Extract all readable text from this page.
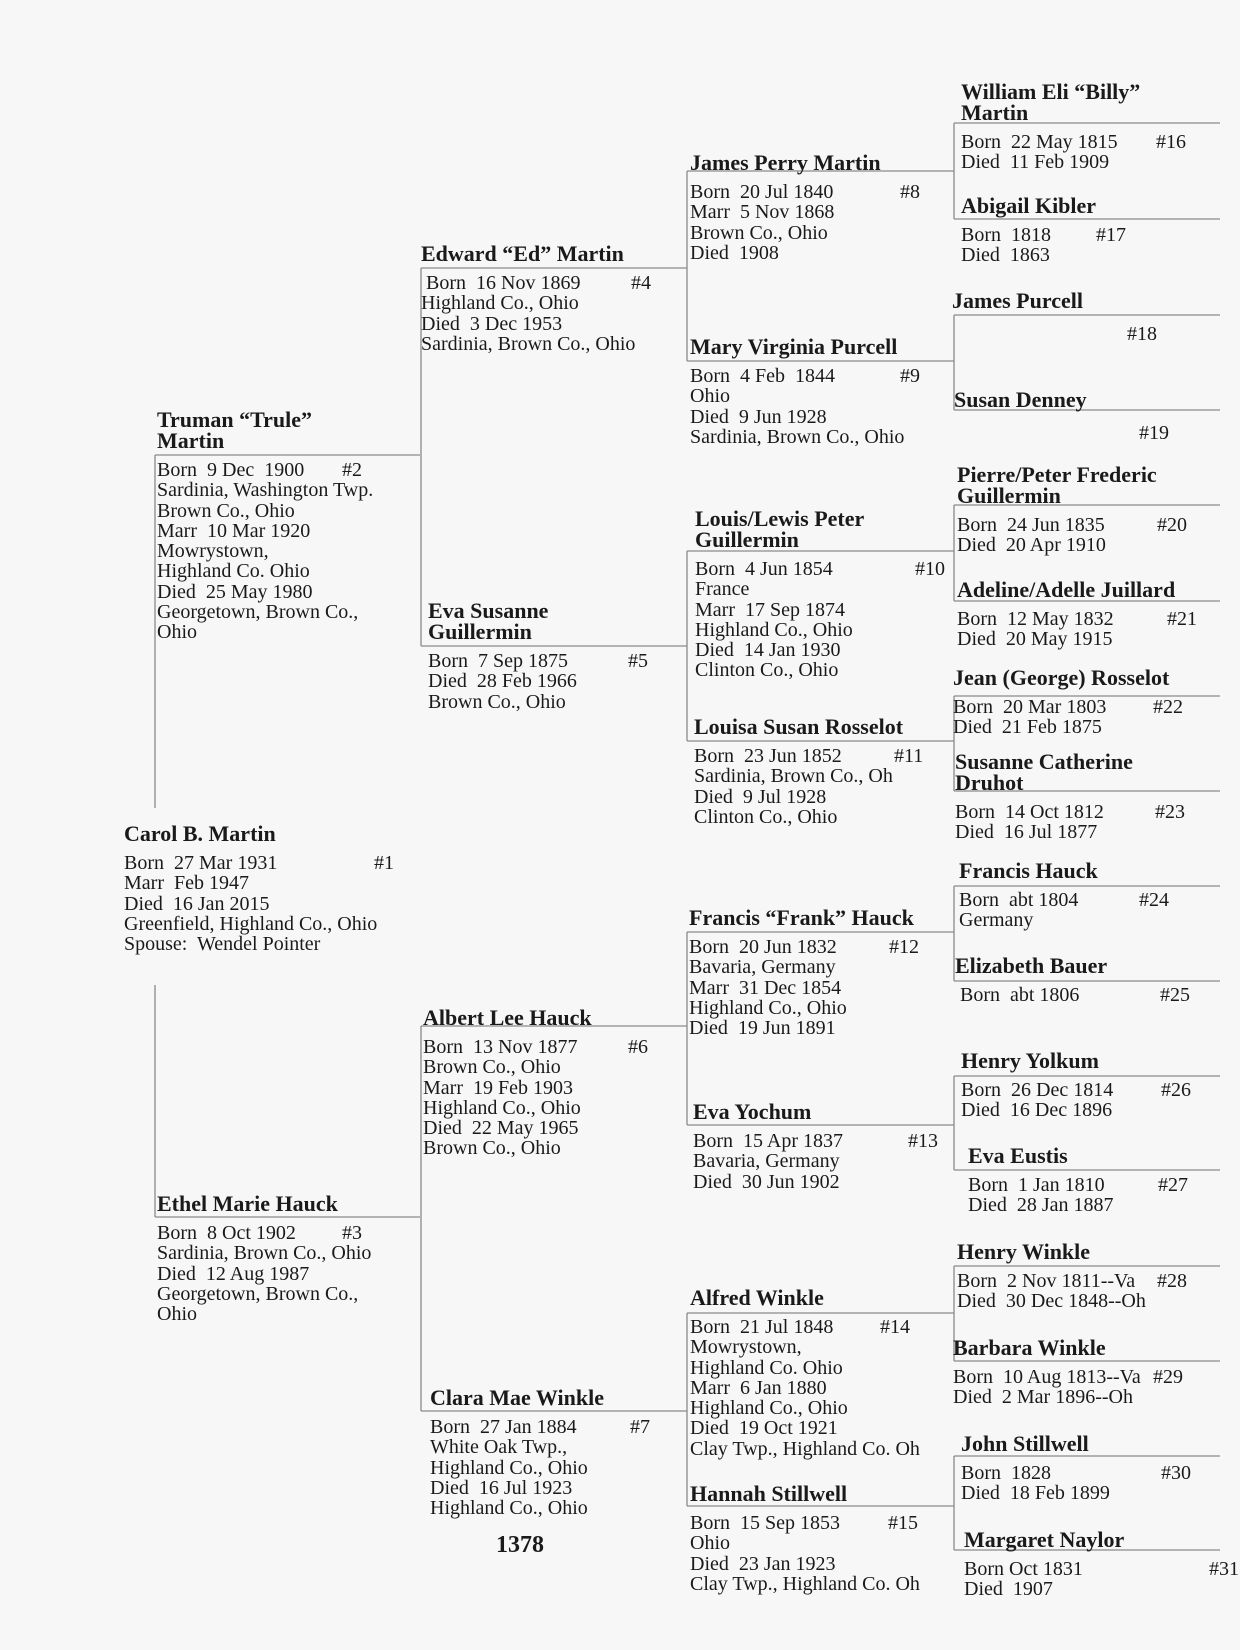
Carol B. Martin
Born  27 Mar 1931
Marr  Feb 1947
Died  16 Jan 2015
Greenfield, Highland Co., Ohio
Spouse:  Wendel Pointer
#1
Truman “Trule”
Martin
Born  9 Dec  1900
Sardinia, Washington Twp.
Brown Co., Ohio
Marr  10 Mar 1920
Mowrystown,
Highland Co. Ohio
Died  25 May 1980
Georgetown, Brown Co.,
Ohio
#2
Ethel Marie Hauck
Born  8 Oct 1902
Sardinia, Brown Co., Ohio
Died  12 Aug 1987
Georgetown, Brown Co.,
Ohio
#3
Edward “Ed” Martin
Born  16 Nov 1869
Highland Co., Ohio
Died  3 Dec 1953
Sardinia, Brown Co., Ohio
#4
Eva Susanne
Guillermin
Born  7 Sep 1875
Died  28 Feb 1966
Brown Co., Ohio
#5
Albert Lee Hauck
Born  13 Nov 1877
Brown Co., Ohio
Marr  19 Feb 1903
Highland Co., Ohio
Died  22 May 1965
Brown Co., Ohio
#6
Clara Mae Winkle
Born  27 Jan 1884
White Oak Twp.,
Highland Co., Ohio
Died  16 Jul 1923
Highland Co., Ohio
#7
James Perry Martin
Born  20 Jul 1840
Marr  5 Nov 1868
Brown Co., Ohio
Died  1908
#8
Mary Virginia Purcell
Born  4 Feb  1844
Ohio
Died  9 Jun 1928
Sardinia, Brown Co., Ohio
#9
Louis/Lewis Peter
Guillermin
Born  4 Jun 1854
France
Marr  17 Sep 1874
Highland Co., Ohio
Died  14 Jan 1930
Clinton Co., Ohio
#10
Louisa Susan Rosselot
Born  23 Jun 1852
Sardinia, Brown Co., Oh
Died  9 Jul 1928
Clinton Co., Ohio
#11
Francis “Frank” Hauck
Born  20 Jun 1832
Bavaria, Germany
Marr  31 Dec 1854
Highland Co., Ohio
Died  19 Jun 1891
#12
Eva Yochum
Born  15 Apr 1837
Bavaria, Germany
Died  30 Jun 1902
#13
Alfred Winkle
Born  21 Jul 1848
Mowrystown,
Highland Co. Ohio
Marr  6 Jan 1880
Highland Co., Ohio
Died  19 Oct 1921
Clay Twp., Highland Co. Oh
#14
Hannah Stillwell
Born  15 Sep 1853
Ohio
Died  23 Jan 1923
Clay Twp., Highland Co. Oh
#15
William Eli “Billy”
Martin
Born  22 May 1815
Died  11 Feb 1909
#16
Abigail Kibler
Born  1818
Died  1863
#17
James Purcell
#18
Susan Denney
#19
Pierre/Peter Frederic
Guillermin
Born  24 Jun 1835
Died  20 Apr 1910
#20
Adeline/Adelle Juillard
Born  12 May 1832
Died  20 May 1915
#21
Jean (George) Rosselot
Born  20 Mar 1803
Died  21 Feb 1875
#22
Susanne Catherine
Druhot
Born  14 Oct 1812
Died  16 Jul 1877
#23
Francis Hauck
Born  abt 1804
Germany
#24
Elizabeth Bauer
Born  abt 1806	#25
Henry Yolkum
Born  26 Dec 1814
Died  16 Dec 1896
#26
Eva Eustis
Born  1 Jan 1810
Died  28 Jan 1887
#27
Henry Winkle
Born  2 Nov 1811--Va
Died  30 Dec 1848--Oh
#28
Barbara Winkle
Born  10 Aug 1813--Va
Died  2 Mar 1896--Oh
#29
John Stillwell
Born  1828
Died  18 Feb 1899
#30
Margaret Naylor
Born Oct 1831
Died  1907
#31
1378
